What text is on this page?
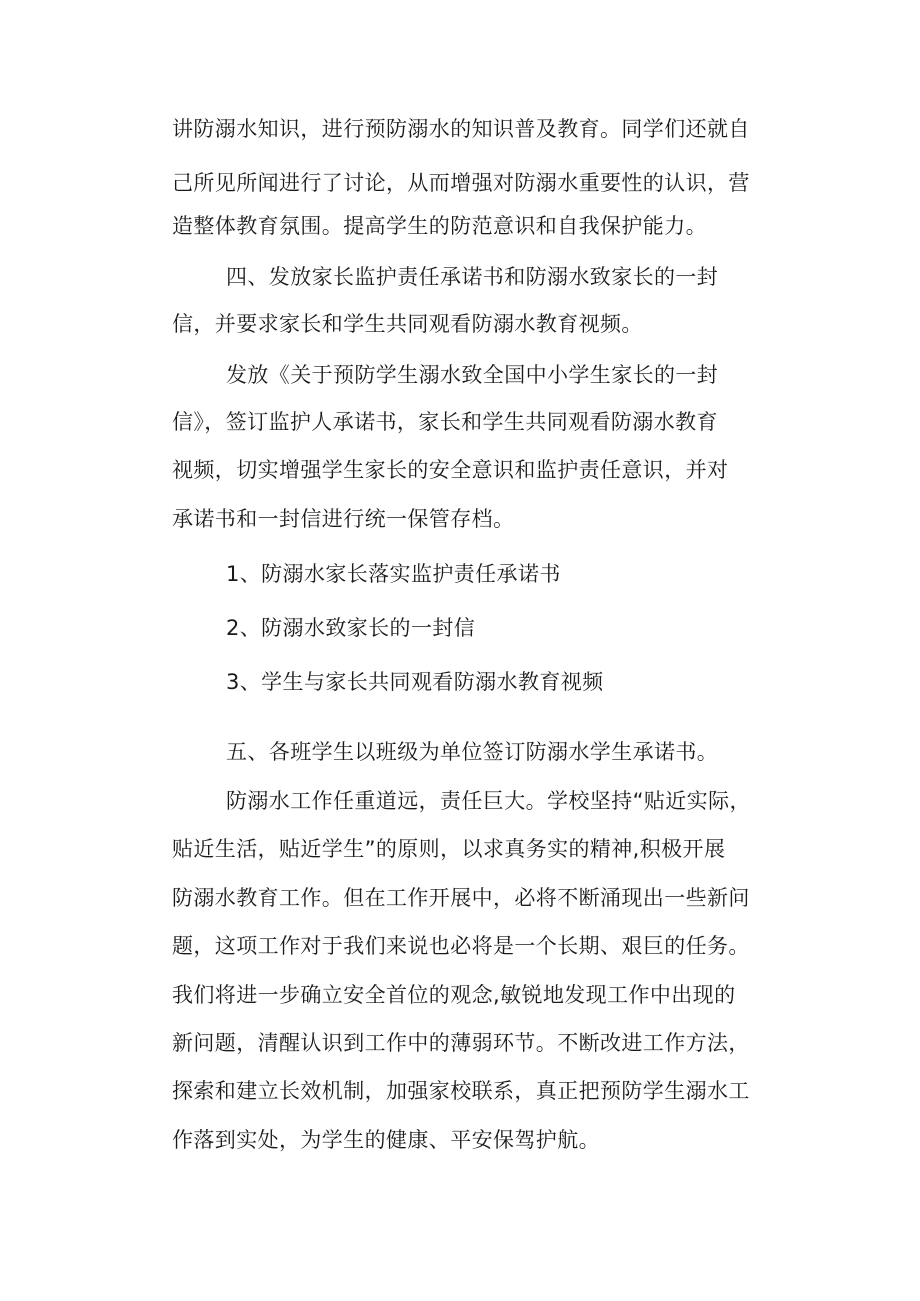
讲防溺水知识，进行预防溺水的知识普及教育。同学们还就自
己所见所闻进行了讨论，从而增强对防溺水重要性的认识，营
造整体教育氛围。提高学生的防范意识和自我保护能力。
四、发放家长监护责任承诺书和防溺水致家长的一封
信，并要求家长和学生共同观看防溺水教育视频。
发放《关于预防学生溺水致全国中小学生家长的一封
信》，签订监护人承诺书，家长和学生共同观看防溺水教育
视频，切实增强学生家长的安全意识和监护责任意识，并对
承诺书和一封信进行统一保管存档。
1、防溺水家长落实监护责任承诺书
2、防溺水致家长的一封信
3、学生与家长共同观看防溺水教育视频
五、各班学生以班级为单位签订防溺水学生承诺书。
防溺水工作任重道远，责任巨大。学校坚持“贴近实际，
贴近生活，贴近学生”的原则，以求真务实的精神,积极开展
防溺水教育工作。但在工作开展中，必将不断涌现出一些新问
题，这项工作对于我们来说也必将是一个长期、艰巨的任务。
我们将进一步确立安全首位的观念,敏锐地发现工作中出现的
新问题，清醒认识到工作中的薄弱环节。不断改进工作方法，
探索和建立长效机制，加强家校联系，真正把预防学生溺水工
作落到实处，为学生的健康、平安保驾护航。
